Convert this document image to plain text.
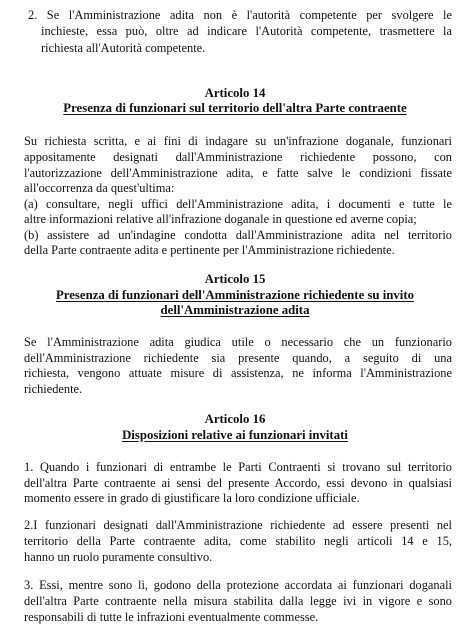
2. Se l'Amministrazione adita non è l'autorità competente per svolgere le
inchieste, essa può, oltre ad indicare l'Autorità competente, trasmettere la
richiesta all'Autorità competente.
Articolo 14
Presenza di funzionari sul territorio dell'altra Parte contraente
Su richiesta scritta, e ai fini di indagare su un'infrazione doganale, funzionari
appositamente designati dall'Amministrazione richiedente possono, con
l'autorizzazione dell'Amministrazione adita, e fatte salve le condizioni fissate
all'occorrenza da quest'ultima:
(a) consultare, negli uffici dell'Amministrazione adita, i documenti e tutte le
altre informazioni relative all'infrazione doganale in questione ed averne copia;
(b) assistere ad un'indagine condotta dall'Amministrazione adita nel territorio
della Parte contraente adita e pertinente per l'Amministrazione richiedente.
Articolo 15
Presenza di funzionari dell'Amministrazione richiedente su invito
dell'Amministrazione adita
Se l'Amministrazione adita giudica utile o necessario che un funzionario
dell'Amministrazione richiedente sia presente quando, a seguito di una
richiesta, vengono attuate misure di assistenza, ne informa l'Amministrazione
richiedente.
Articolo 16
Disposizioni relative ai funzionari invitati
1. Quando i funzionari di entrambe le Parti Contraenti si trovano sul territorio
dell'altra Parte contraente ai sensi del presente Accordo, essi devono in qualsiasi
momento essere in grado di giustificare la loro condizione ufficiale.
2.I funzionari designati dall'Amministrazione richiedente ad essere presenti nel
territorio della Parte contraente adita, come stabilito negli articoli 14 e 15,
hanno un ruolo puramente consultivo.
3. Essi, mentre sono lì, godono della protezione accordata ai funzionari doganali
dell'altra Parte contraente nella misura stabilita dalla legge ivi in vigore e sono
responsabili di tutte le infrazioni eventualmente commesse.
